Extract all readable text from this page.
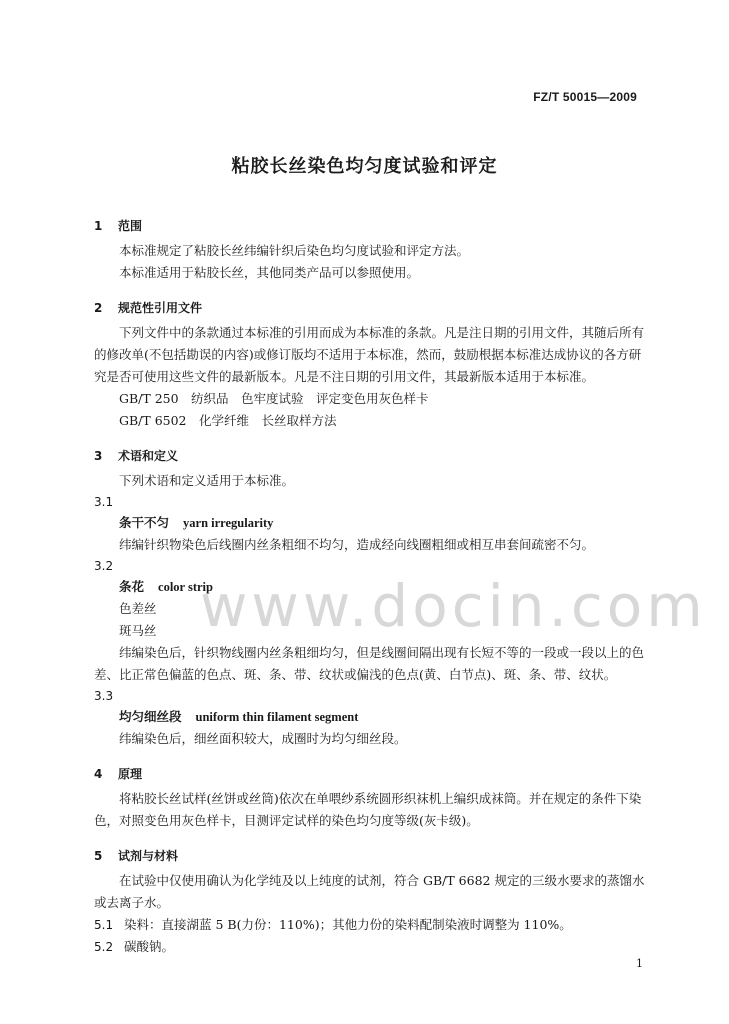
FZ/T 50015—2009
粘胶长丝染色均匀度试验和评定
1 范围

本标准规定了粘胶长丝纬编针织后染色均匀度试验和评定方法。

本标准适用于粘胶长丝，其他同类产品可以参照使用。

2 规范性引用文件

下列文件中的条款通过本标准的引用而成为本标准的条款。凡是注日期的引用文件，其随后所有的修改单(不包括勘误的内容)或修订版均不适用于本标准，然而，鼓励根据本标准达成协议的各方研究是否可使用这些文件的最新版本。凡是不注日期的引用文件，其最新版本适用于本标准。

GB/T 250　纺织品　色牢度试验　评定变色用灰色样卡

GB/T 6502　化学纤维　长丝取样方法

3 术语和定义

下列术语和定义适用于本标准。

3.1

条干不匀 yarn irregularity

纬编针织物染色后线圈内丝条粗细不均匀，造成经向线圈粗细或相互串套间疏密不匀。

3.2

条花 color strip

色差丝

斑马丝

纬编染色后，针织物线圈内丝条粗细均匀，但是线圈间隔出现有长短不等的一段或一段以上的色差、比正常色偏蓝的色点、斑、条、带、纹状或偏浅的色点(黄、白节点)、斑、条、带、纹状。

3.3

均匀细丝段 uniform thin filament segment

纬编染色后，细丝面积较大，成圈时为均匀细丝段。

4 原理

将粘胶长丝试样(丝饼或丝筒)依次在单喂纱系统圆形织袜机上编织成袜筒。并在规定的条件下染色，对照变色用灰色样卡，目测评定试样的染色均匀度等级(灰卡级)。

5 试剂与材料

在试验中仅使用确认为化学纯及以上纯度的试剂，符合 GB/T 6682 规定的三级水要求的蒸馏水或去离子水。

5.1 染料：直接湖蓝 5 B(力份：110%)；其他力份的染料配制染液时调整为 110%。

5.2 碳酸钠。

www.docin.com
1
